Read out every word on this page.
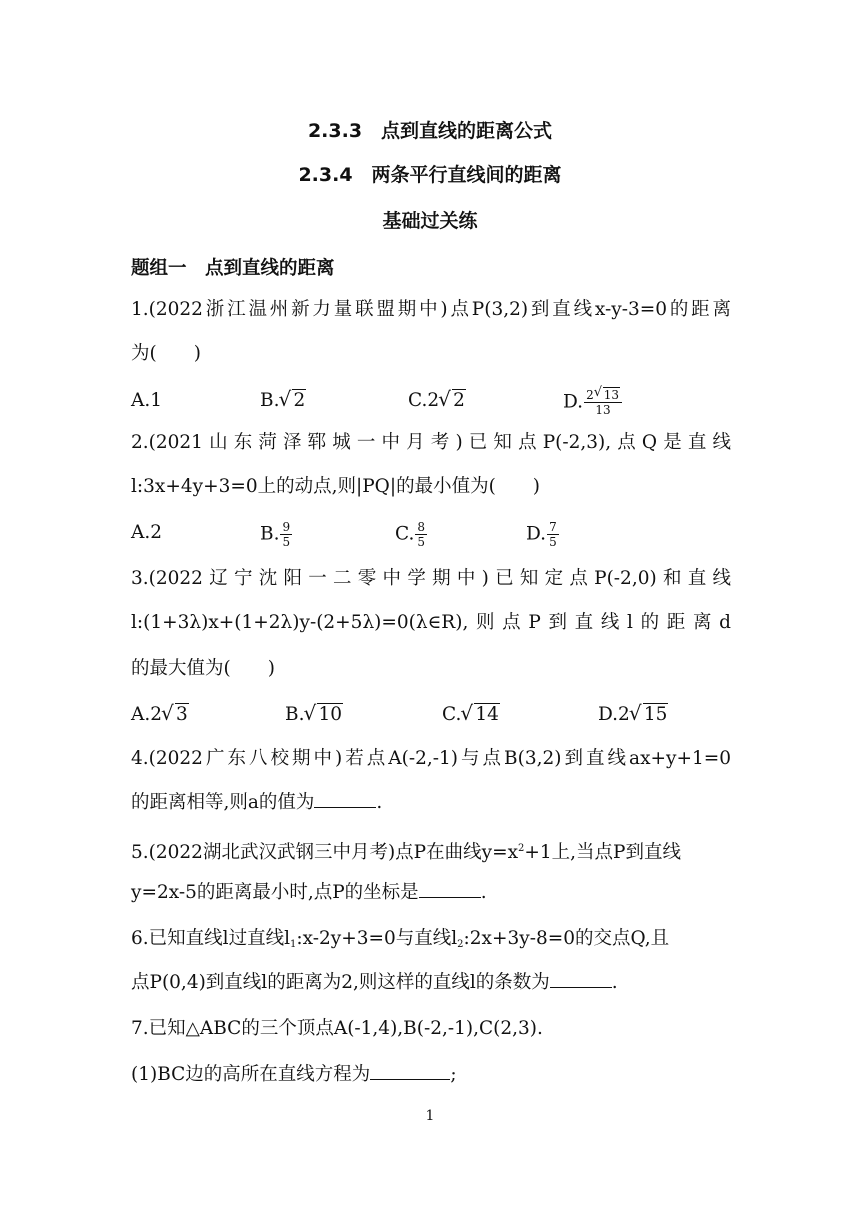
2.3.3　点到直线的距离公式
2.3.4　两条平行直线间的距离
基础过关练
题组一　点到直线的距离
1.(2022浙江温州新力量联盟期中)点P(3,2)到直线x-y-3=0的距离
为(　　)
A.1	B. √ 2	C.2 √ 2	D. $\frac{2 √ 13}{13}$
2.(2021山东菏泽郓城一中月考)已知点P(-2,3),点Q是直线
l:3x+4y+3=0上的动点,则|PQ|的最小值为(　　)
A.2	B. $\frac{9}{5}$	C. $\frac{8}{5}$	D. $\frac{7}{5}$
3.(2022辽宁沈阳一二零中学期中)已知定点P(-2,0)和直线
l:(1+3λ)x+(1+2λ)y-(2+5λ)=0(λ∈R),则点P到直线l的距离d
的最大值为(　　)
A.2 √ 3	B. √ 10	C. √ 14	D.2 √ 15
4.(2022广东八校期中)若点A(-2,-1)与点B(3,2)到直线ax+y+1=0
的距离相等,则a的值为	.
5.(2022湖北武汉武钢三中月考)点P在曲线$y=x^2+1$上,当点P到直线
y=2x-5的距离最小时,点P的坐标是	.
6.已知直线l过直线$l_1:x-2y+3=0$与直线$l_2:2x+3y-8=0$的交点Q,且
点P(0,4)到直线l的距离为2,则这样的直线l的条数为	.
7.已知△ABC的三个顶点A(-1,4),B(-2,-1),C(2,3).
(1)BC边的高所在直线方程为	;
1
